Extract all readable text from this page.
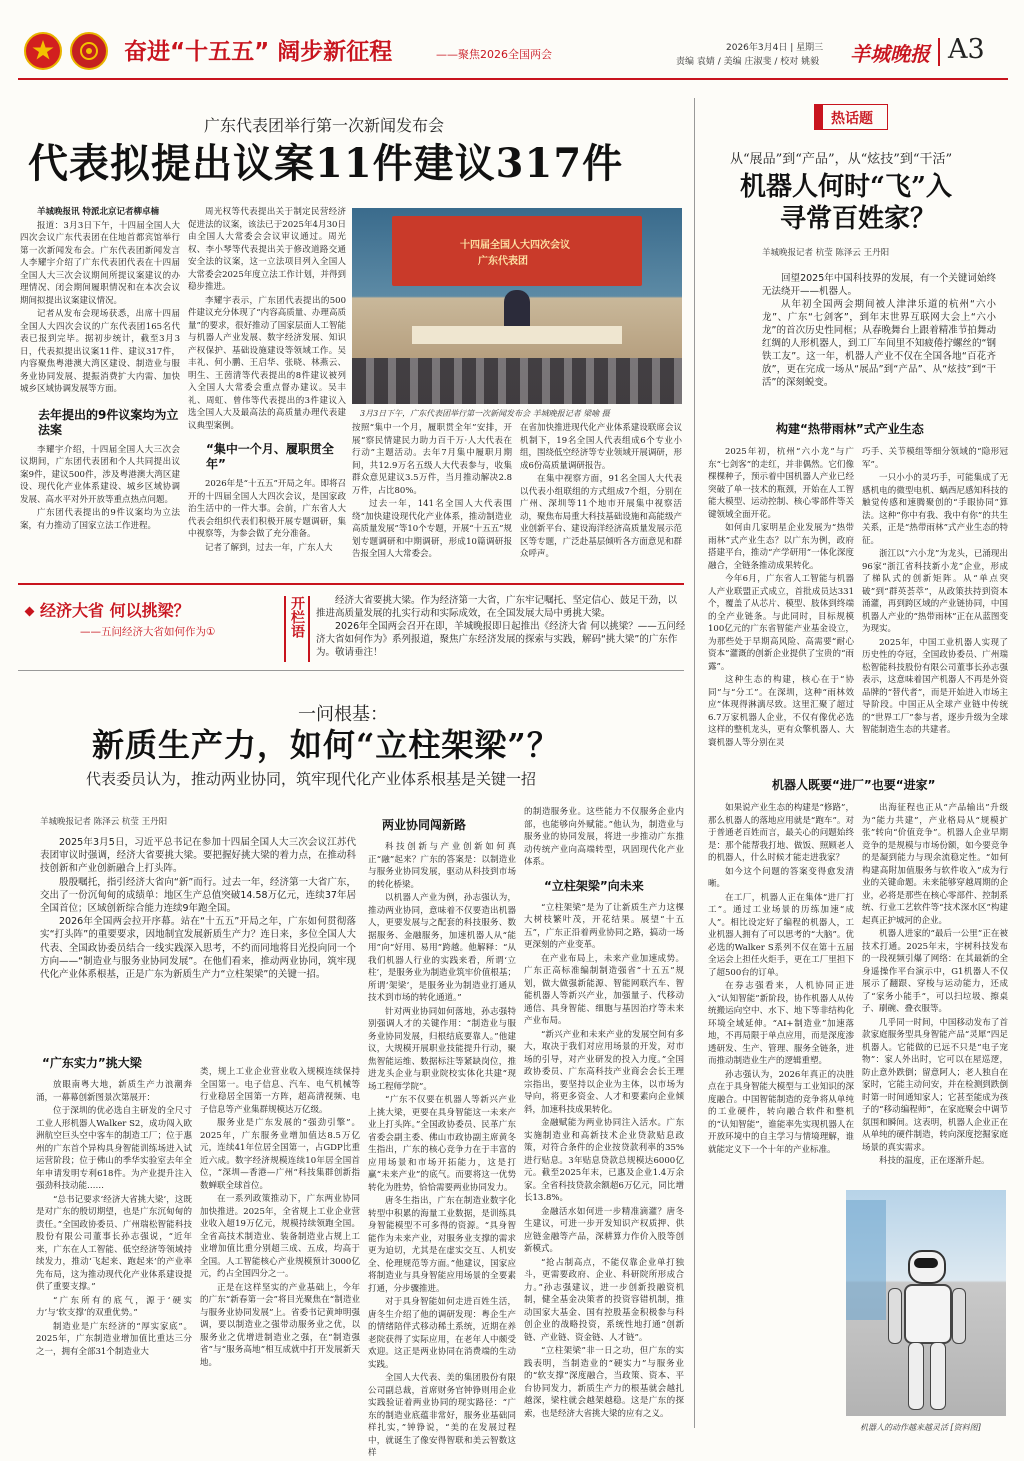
奋进“十五五” 阔步新征程	——聚焦2026全国两会	2026年3月4日 | 星期三
责编 袁婧 / 美编 庄淑斐 / 校对 姚毅 羊城晚报 A3
广东代表团举行第一次新闻发布会
代表拟提出议案11件建议317件

羊城晚报讯 特派北京记者柳卓楠

报道：3月3日下午，十四届全国人大四次会议广东代表团在住地首都宾馆举行第一次新闻发布会。广东代表团新闻发言人李耀宇介绍了广东代表团代表在十四届全国人大三次会议期间所提议案建议的办理情况、闭会期间履职情况和在本次会议期间拟提出议案建议情况。

记者从发布会现场获悉，出席十四届全国人大四次会议的广东代表团165名代表已报到完毕。据初步统计，截至3月3日，代表拟提出议案11件、建议317件，内容聚焦粤港澳大湾区建设、制造业与服务业协同发展、提振消费扩大内需、加快城乡区域协调发展等方面。

去年提出的9件议案均为立法案

李耀宇介绍，十四届全国人大三次会议期间，广东团代表团和个人共同提出议案9件，建议500件，涉及粤港澳大湾区建设、现代化产业体系建设、城乡区域协调发展、高水平对外开放等重点热点问题。

广东团代表提出的9件议案均为立法案，有力推动了国家立法工作进程。

周光权等代表提出关于制定民营经济促进法的议案，该法已于2025年4月30日由全国人大常委会会议审议通过。周光权、李小琴等代表提出关于修改道路交通安全法的议案，这一立法项目列入全国人大常委会2025年度立法工作计划，并得到稳步推进。

李耀宇表示，广东团代表提出的500件建议充分体现了“内容高质量、办理高质量”的要求，很好推动了国家层面人工智能与机器人产业发展、数字经济发展、知识产权保护、基础设施建设等领域工作。吴丰礼、何小鹏、王启华、张晓、林燕云、明生、王茵清等代表提出的8件建议被列入全国人大常委会重点督办建议。吴丰礼、周虹、曾伟等代表提出的3件建议入选全国人大及最高法的高质量办理代表建议典型案例。

“集中一个月、履职贯全年”

2026年是“十五五”开局之年。即将召开的十四届全国人大四次会议，是国家政治生活中的一件大事。会前，广东省人大代表会组织代表们积极开展专题调研，集中视察等，为参会做了充分准备。

记者了解到，过去一年，广东人大

十四届全国人大四次会议
广东代表团
3月3日下午，广东代表团举行第一次新闻发布会 羊城晚报记者 梁喻 摄

按照“集中一个月，履职贯全年”安排，开展“察民情建民力助力百千万·人大代表在行动”主题活动。去年7月集中履职月期间，共12.9万名五级人大代表参与，收集群众意见建议3.5万件，当月推动解决2.8万件，占比80%。

过去一年，141名全国人大代表围绕“加快建设现代化产业体系，推动制造业高质量发展”等10个专题，开展“十五五”规划专题调研和中期调研，形成10篇调研报告报全国人大常委会。

在省加快推进现代化产业体系建设联席会议机制下，19名全国人代表组成6个专业小组，围绕低空经济等专业领域开展调研，形成6份高质量调研报告。

在集中视察方面，91名全国人大代表以代表小组联组的方式组成7个组，分别在广州、深圳等11个地市开展集中视察活动，聚焦布局重大科技基础设施和高能级产业创新平台、建设海洋经济高质量发展示范区等专题，广泛赴基层倾听各方面意见和群众呼声。

经济大省 何以挑梁？
——五问经济大省如何作为①	开栏语	经济大省要挑大梁。作为经济第一大省，广东牢记嘱托、坚定信心、鼓足干劲，以推进高质量发展的扎实行动和实际成效，在全国发展大局中勇挑大梁。

2026年全国两会召开在即，羊城晚报即日起推出《经济大省 何以挑梁？——五问经济大省如何作为》系列报道，聚焦广东经济发展的探索与实践，解码“挑大梁”的广东作为。敬请垂注！

一问根基：
新质生产力，如何“立柱架梁”？
代表委员认为，推动两业协同，筑牢现代化产业体系根基是关键一招
羊城晚报记者 陈泽云 杭莹 王丹阳

2025年3月5日，习近平总书记在参加十四届全国人大三次会议江苏代表团审议时强调，经济大省要挑大梁。要把握好挑大梁的着力点，在推动科技创新和产业创新融合上打头阵。

殷殷嘱托，指引经济大省向“新”而行。过去一年，经济第一大省广东，交出了一份沉甸甸的成绩单：地区生产总值突破14.58万亿元，连续37年居全国首位；区域创新综合能力连续9年跑全国。

2026年全国两会拉开序幕。站在“十五五”开局之年，广东如何贯彻落实“打头阵”的重要要求，因地制宜发展新质生产力？连日来，多位全国人大代表、全国政协委员结合一线实践深入思考，不约而同地将目光投向同一个方向——“制造业与服务业协同发展”。在他们看来，推动两业协同，筑牢现代化产业体系根基，正是广东为新质生产力“立柱架梁”的关键一招。

“广东实力”挑大梁

放眼南粤大地，新质生产力浪潮奔涌，一幕幕创新图景次第展开：

位于深圳的优必选自主研发的全尺寸工业人形机器人Walker S2，成功闯入欧洲航空巨头空中客车的制造工厂；位于惠州的广东首个异构具身智能训练场进入试运营阶段；位于佛山的季华实验室去年全年申请发明专利618件。为产业提升注入强劲科技动能……

“总书记要求‘经济大省挑大梁’，这既是对广东的殷切期望，也是广东沉甸甸的责任。”全国政协委员、广州瑞松智能科技股份有限公司董事长孙志强说，“近年来，广东在人工智能、低空经济等领域持续发力，推动‘飞起来、跑起来’的产业率先布局，这为推动现代化产业体系建设提供了重要支撑。”

“广东所有的底气，源于‘硬实力’与‘软支撑’的双重优势。”

制造业是广东经济的“厚实家底”。2025年，广东制造业增加值比重达三分之一，拥有全部31个制造业大

类，规上工业企业营业收入规模连续保持全国第一。电子信息、汽车、电气机械等行业稳居全国第一方阵，超高清视频、电子信息等产业集群规模达万亿级。

服务业是广东发展的“强劲引擎”。2025年，广东服务业增加值达8.5万亿元，连续41年位居全国第一，占GDP比重近六成。数字经济规模连续10年居全国首位，“深圳—香港—广州”科技集群创新指数蝉联全球首位。

在一系列政策推动下，广东两业协同加快推进。2025年，全省规上工业企业营业收入超19万亿元，规模持续领跑全国。全省高技术制造业、装备制造业占规上工业增加值比重分别超三成、五成，均高于全国。人工智能核心产业规模预计3000亿元，约占全国四分之一。

正是在这样坚实的产业基础上，今年的广东“新春第一会”将目光聚焦在“制造业与服务业协同发展”上。省委书记黄坤明强调，要以制造业之强带动服务业之优，以服务业之优增进制造业之强，在“制造强省”与“服务高地”相互成就中打开发展新天地。

两业协同闯新路

科技创新与产业创新如何真正“融”起来？广东的答案是：以制造业与服务业协同发展，驱动从科技到市场的转化桥梁。

以机器人产业为例，孙志强认为，推动两业协同，意味着不仅要造出机器人，更要发展与之配套的科技服务、数据服务、金融服务，加速机器人从“能用”向“好用、易用”跨越。他解释：“从我们机器人行业的实践来看，所谓‘立柱’，是服务业为制造业筑牢价值根基；所谓‘架梁’，是服务业为制造业打通从技术到市场的转化通道。”

针对两业协同如何落地，孙志强特别强调人才的关键作用：“制造业与服务业协同发展，归根结底要靠人。”他建议，大规模开展职业技能提升行动，聚焦智能运维、数据标注等紧缺岗位，推进龙头企业与职业院校实体化共建“现场工程师学院”。

“广东不仅要在机器人等新兴产业上挑大梁，更要在具身智能这一未来产业上打头阵。”全国政协委员、民革广东省委会副主委、佛山市政协副主席黄冬生指出，广东的核心竞争力在于丰富的应用场景和市场开拓能力，这是打赢“未来产业”的底气。而要将这一优势转化为胜势，恰恰需要两业协同发力。

唐冬生指出，广东在制造业数字化转型中积累的海量工业数据，是训练具身智能模型不可多得的资源。“具身智能作为未来产业，对服务业支撑的需求更为迫切，尤其是在虚实交互、人机安全、伦理规范等方面。”他建议，国家应将制造业与具身智能应用场景的全要素打通，分步骤推进。

对于具身智能如何走进百姓生活，唐冬生介绍了他的调研发现：粤企生产的情绪陪伴式移动稀土系统，近期在养老院获得了实际应用，在老年人中颇受欢迎。这正是两业协同在消费端的生动实践。

全国人大代表、美的集团股份有限公司副总裁，首席财务官钟铮则用企业实践验证着两业协同的现实路径：“广东的制造业底蕴非常好，服务业基础同样扎实，”钟铮说，“美的在发展过程中，就诞生了像安得智联和美云智数这样

的制造服务业。这些能力不仅服务企业内部，也能够向外赋能。”他认为，制造业与服务业的协同发展，将进一步推动广东推动传统产业向高端转型，巩固现代化产业体系。

“立柱架梁”向未来

“立柱架梁”是为了让新质生产力这棵大树枝繁叶茂，开花结果。展望“十五五”，广东正沿着两业协同之路，搞动一场更深刻的产业变革。

在产业布局上，未来产业加速成势。广东正高标准编制制造强省“十五五”规划，做大做强新能源、智能网联汽车、智能机器人等新兴产业，加强量子、代移动通信、具身智能、细胞与基因治疗等未来产业布局。

“新兴产业和未来产业的发展空间有多大，取决于我们对应用场景的开发，对市场的引导，对产业研发的投入力度。”全国政协委员、广东高科技产业商会会长王理宗指出，要坚持以企业为主体，以市场为导向，将更多资金、人才和要素向企业倾斜，加速科技成果转化。

金融赋能为两业协同注入活水。广东实施制造业和高新技术企业贷款贴息政策，对符合条件的企业按贷款利率的35%进行贴息。3年贴息贷款总规模达6000亿元。截至2025年末，已惠及企业1.4万余家。全省科技贷款余额超6万亿元，同比增长13.8%。

金融活水如何进一步精准滴灌？唐冬生建议，可进一步开发知识产权质押、供应链金融等产品，深耕算力作价入股等创新模式。

“抢占制高点，不能仅靠企业单打独斗，更需要政府、企业、科研院所形成合力。”孙志强建议，进一步创新投融资机制，健全基金决策者的投资容错机制，推动国家大基金、国有控股基金积极参与科创企业的战略投资，系统性地打通“创新链、产业链、资金链、人才链”。

“立柱架梁”非一日之功，但广东的实践表明，当制造业的“硬实力”与服务业的“软支撑”深度融合，当政策、资本、平台协同发力，新质生产力的根基就会越扎越深，梁柱就会越架越稳。这是广东的探索，也是经济大省挑大梁的应有之义。

热话题
从“展品”到“产品”，从“炫技”到“干活”
机器人何时“飞”入
寻常百姓家？
羊城晚报记者 杭莹 陈泽云 王丹阳

回望2025年中国科技界的发展，有一个关键词始终无法绕开——机器人。

从年初全国两会期间被人津津乐道的杭州“六小龙”、广东“七剑客”，到年末世界互联网大会上“六小龙”的首次历史性同框；从春晚舞台上跟着精准节拍舞动红绸的人形机器人，到工厂车间里不知疲倦拧螺丝的“钢铁工友”。这一年，机器人产业不仅在全国各地“百花齐放”，更在完成一场从“展品”到“产品”、从“炫技”到“干活”的深刻蜕变。

构建“热带雨林”式产业生态

2025年初，杭州“六小龙”与广东“七剑客”的走红，并非偶然。它们像棵棵种子，预示着中国机器人产业已经突破了单一技术的瓶颈，开始在人工智能大模型、运动控制、核心零部件等关键领域全面开花。

如何由几家明星企业发展为“热带雨林”式产业生态？以广东为例，政府搭建平台，推动“产学研用”一体化深度融合，全链条推动成果转化。

今年6月，广东省人工智能与机器人产业联盟正式成立，首批成员达331个，覆盖了从芯片、模型、肢体到终端的全产业链条。与此同时，目标规模100亿元的广东省智能产业基金设立，为那些处于早期高风险、高需要“耐心资本”灌溉的创新企业提供了宝贵的“雨露”。

这种生态的构建，核心在于“协同”与“分工”。在深圳，这种“雨林效应”体现得淋漓尽致。这里汇聚了超过6.7万家机器人企业，不仅有像优必选这样的整机龙头，更有众擎机器人、大寰机器人等分别在灵

巧手、关节模组等细分领域的“隐形冠军”。

一只小小的灵巧手，可能集成了无感机电的微型电机、蜗西尼感知科技的触觉传感和速腾聚创的“手眼协同”算法。这种“你中有我、我中有你”的共生关系，正是“热带雨林”式产业生态的特征。

浙江以“六小龙”为龙头，已涌现出96家“浙江省科技新小龙”企业，形成了梯队式的创新矩阵。从“单点突破”到“群英荟萃”，从政策扶持到资本涌灌，再到跨区域的产业链协同，中国机器人产业的“热带雨林”正在从蓝图变为现实。

2025年，中国工业机器人实现了历史性的夺冠，全国政协委员、广州瑞松智能科技股份有限公司董事长孙志强表示，这意味着国产机器人不再是外资品牌的“替代者”，而是开始进入市场主导阶段。中国正从全球产业链中传统的“世界工厂”参与者，逐步升级为全球智能制造生态的共建者。

机器人既要“进厂”也要“进家”

如果说产业生态的构建是“修路”，那么机器人的落地应用就是“跑车”。对于普通老百姓而言，最关心的问题始终是：那个能帮我打地、做饭、照顾老人的机器人，什么时候才能走进我家？

如今这个问题的答案变得愈发清晰。

在工厂，机器人正在集体“进厂打工”。通过工业场景的历练加速“成人”。相比设定好了编程的机器人，工业机器人拥有了可以思考的“大脑”。优必选的Walker S系列不仅在第十五届全运会上担任火炬手，更在工厂里担下了超500台的订单。

在券志强看来，人机协同正进入“认知智能”新阶段，协作机器人从传统搬运向空中、水下、地下等非结构化环境全域延伸。“AI+制造业”加速落地，不再局限于单点应用，而是深度渗透研发、生产、管理、服务全链条，进而推动制造业生产的逻辑重塑。

孙志强认为，2026年真正的决胜点在于具身智能大模型与工业知识的深度融合。中国智能制造的竞争将从单纯的工业硬件，转向融合软件和整机的“认知智能”，谁能率先实现机器人在开放环境中的自主学习与情境理解，谁就能定义下一个十年的产业标准。

出海征程也正从“产品输出”升级为“能力共建”，产业格局从“规模扩张”转向“价值竞争”。机器人企业早期竞争的是规模与市场份额，如今要竞争的是凝到能力与现余流稳定性。“如何构建高附加值服务与软件收入”成为行业的关键命题。未来能够穿越周期的企业，必将是那些在核心零部件、控制系统、行业工艺软件等“技术深水区”构建起真正护城河的企业。

机器人进家的“最后一公里”正在被技术打通。2025年末，宇树科技发布的一段视频引爆了网络：在其最新的全身遥操作平台演示中，G1机器人不仅展示了翻跟、穿梭与运动能力，还成了“家务小能手”，可以扫垃圾、擦桌子、刷碗、叠衣服等。

几乎同一时间，中国移动发布了首款家庭服务型具身智能产品“灵犀”四足机器人。它能做的已远不只是“电子宠物”：家人外出时，它可以在屋巡逻，防止意外跌倒；留意阿人；老人独自在家时，它能主动问安，并在检测到跌倒时第一时间通知家人；它甚至能成为孩子的“移动编程师”，在家庭聚会中调节氛围和瞬间。这表明，机器人企业正在从单纯的硬件制造，转向深度挖掘家庭场景的真实需求。

科技的温度，正在逐渐升起。

机器人的动作越来越灵活 [资料图]
